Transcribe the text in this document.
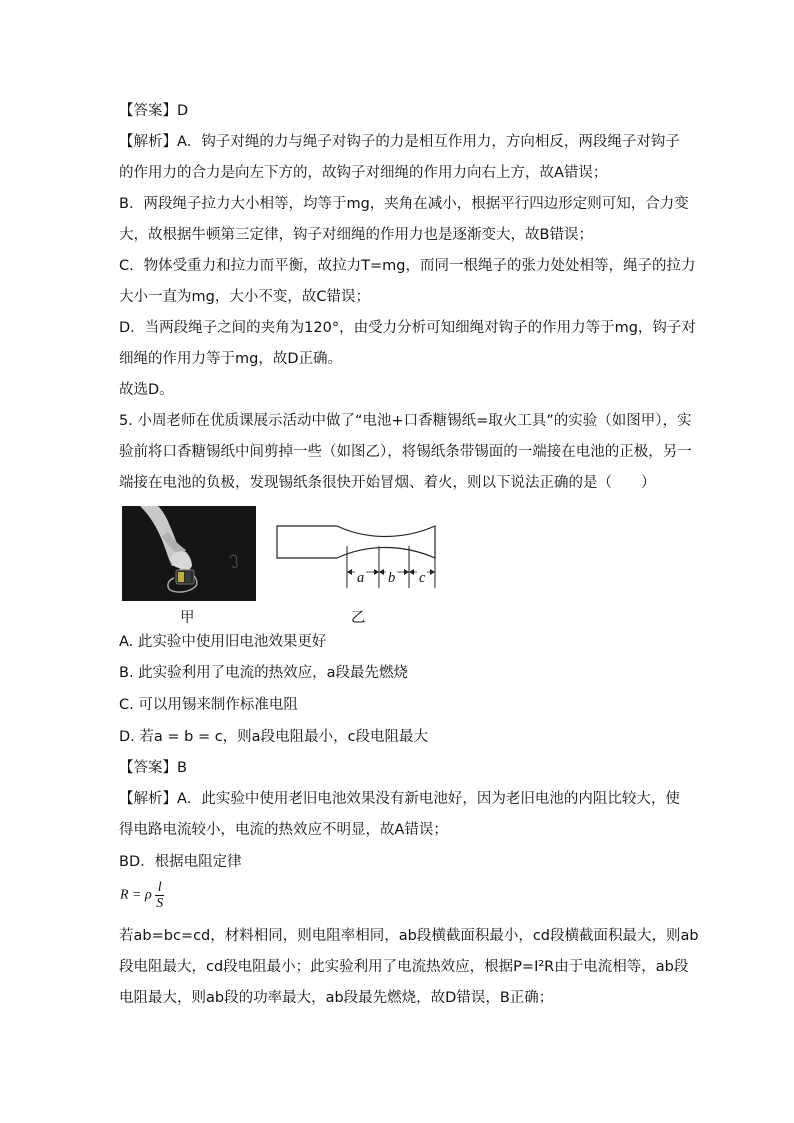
【答案】D
【解析】A．钩子对绳的力与绳子对钩子的力是相互作用力，方向相反，两段绳子对钩子
的作用力的合力是向左下方的，故钩子对细绳的作用力向右上方，故A错误；
B．两段绳子拉力大小相等，均等于mg，夹角在减小，根据平行四边形定则可知，合力变
大，故根据牛顿第三定律，钩子对细绳的作用力也是逐渐变大，故B错误；
C．物体受重力和拉力而平衡，故拉力T=mg，而同一根绳子的张力处处相等，绳子的拉力
大小一直为mg，大小不变，故C错误；
D．当两段绳子之间的夹角为120°，由受力分析可知细绳对钩子的作用力等于mg，钩子对
细绳的作用力等于mg，故D正确。
故选D。
5. 小周老师在优质课展示活动中做了“电池+口香糖锡纸=取火工具”的实验（如图甲），实
验前将口香糖锡纸中间剪掉一些（如图乙），将锡纸条带锡面的一端接在电池的正极，另一
端接在电池的负极，发现锡纸条很快开始冒烟、着火，则以下说法正确的是（　　）
甲
a b c
乙
A. 此实验中使用旧电池效果更好
B. 此实验利用了电流的热效应，a段最先燃烧
C. 可以用锡来制作标准电阻
D. 若a = b = c，则a段电阻最小，c段电阻最大
【答案】B
【解析】A．此实验中使用老旧电池效果没有新电池好，因为老旧电池的内阻比较大，使
得电路电流较小，电流的热效应不明显，故A错误；
BD．根据电阻定律
R = ρ $\frac{l}{S}$
若ab=bc=cd，材料相同，则电阻率相同，ab段横截面积最小，cd段横截面积最大，则ab
段电阻最大，cd段电阻最小；此实验利用了电流热效应，根据P=I²R由于电流相等，ab段
电阻最大，则ab段的功率最大，ab段最先燃烧，故D错误，B正确；
